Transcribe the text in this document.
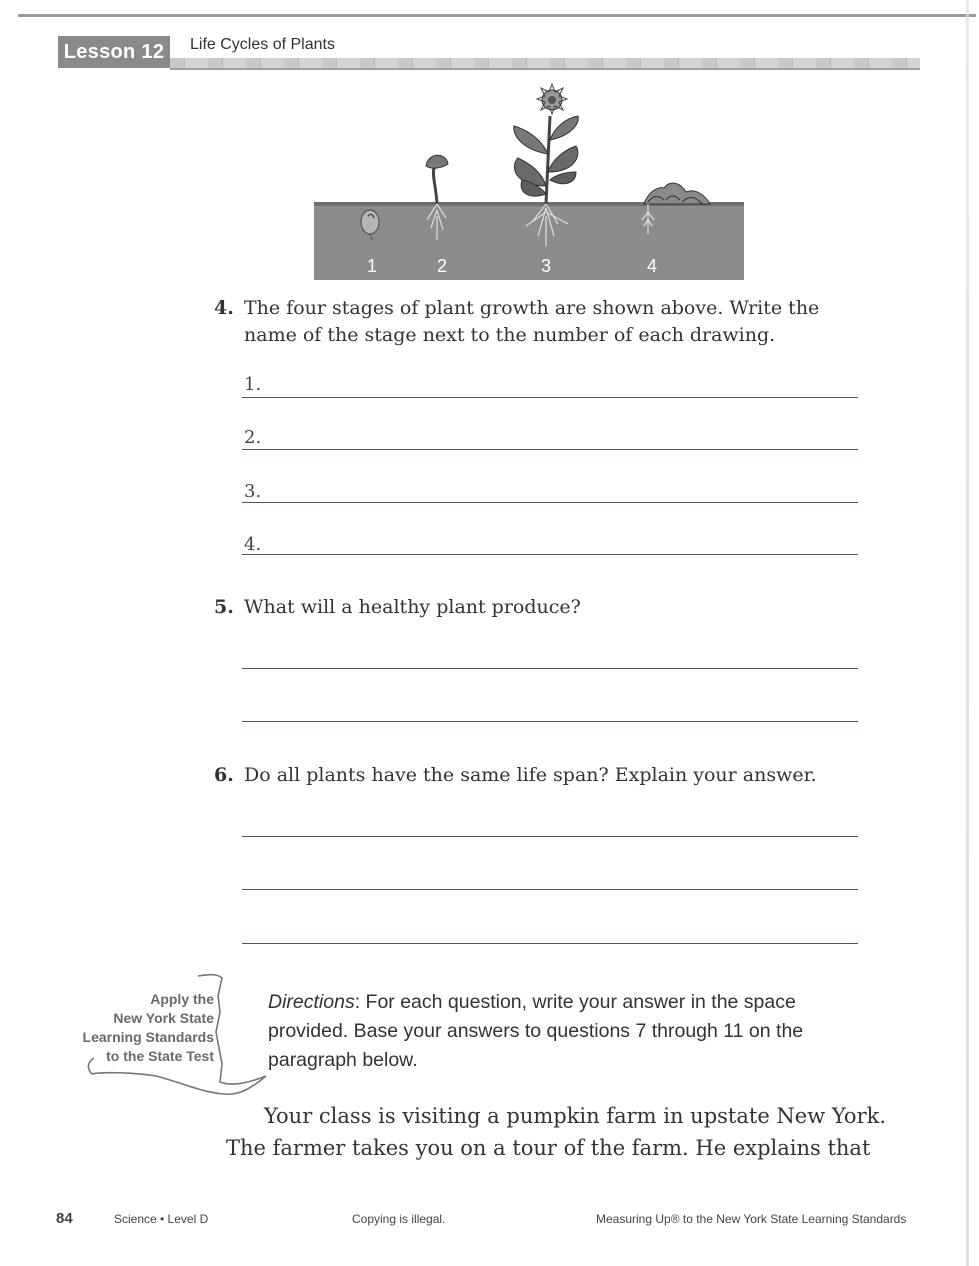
Lesson 12	Life Cycles of Plants
1	2	3	4
4. The four stages of plant growth are shown above. Write the name of the stage next to the number of each drawing.
1.
2.
3.
4.
5. What will a healthy plant produce?
6. Do all plants have the same life span? Explain your answer.
Apply the
New York State
Learning Standards
to the State Test
Directions: For each question, write your answer in the space provided. Base your answers to questions 7 through 11 on the paragraph below.
Your class is visiting a pumpkin farm in upstate New York.
The farmer takes you on a tour of the farm. He explains that
84	Science • Level D	Copying is illegal.	Measuring Up® to the New York State Learning Standards
